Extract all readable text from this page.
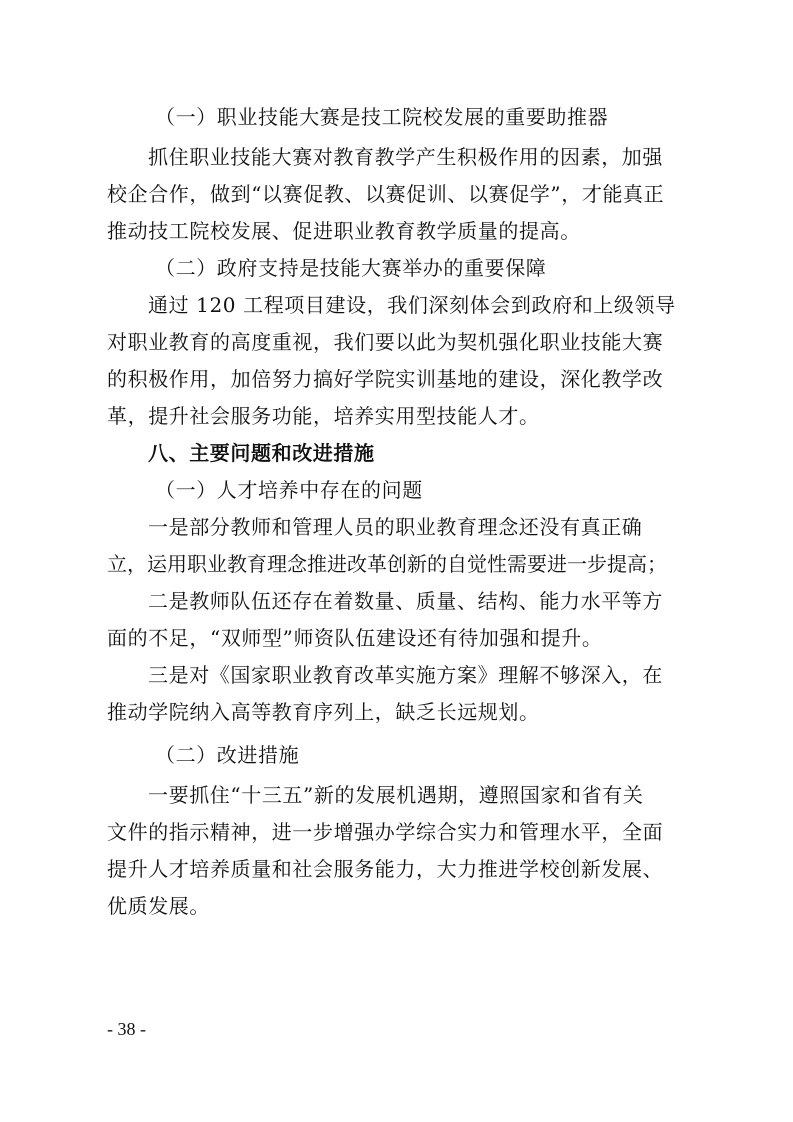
（一）职业技能大赛是技工院校发展的重要助推器
抓住职业技能大赛对教育教学产生积极作用的因素，加强
校企合作，做到“以赛促教、以赛促训、以赛促学”，才能真正
推动技工院校发展、促进职业教育教学质量的提高。
（二）政府支持是技能大赛举办的重要保障
通过 120 工程项目建设，我们深刻体会到政府和上级领导
对职业教育的高度重视，我们要以此为契机强化职业技能大赛
的积极作用，加倍努力搞好学院实训基地的建设，深化教学改
革，提升社会服务功能，培养实用型技能人才。
八、主要问题和改进措施
（一）人才培养中存在的问题
一是部分教师和管理人员的职业教育理念还没有真正确
立，运用职业教育理念推进改革创新的自觉性需要进一步提高；
二是教师队伍还存在着数量、质量、结构、能力水平等方
面的不足，“双师型”师资队伍建设还有待加强和提升。
三是对《国家职业教育改革实施方案》理解不够深入，在
推动学院纳入高等教育序列上，缺乏长远规划。
（二）改进措施
一要抓住“十三五”新的发展机遇期，遵照国家和省有关
文件的指示精神，进一步增强办学综合实力和管理水平，全面
提升人才培养质量和社会服务能力，大力推进学校创新发展、
优质发展。
- 38 -
